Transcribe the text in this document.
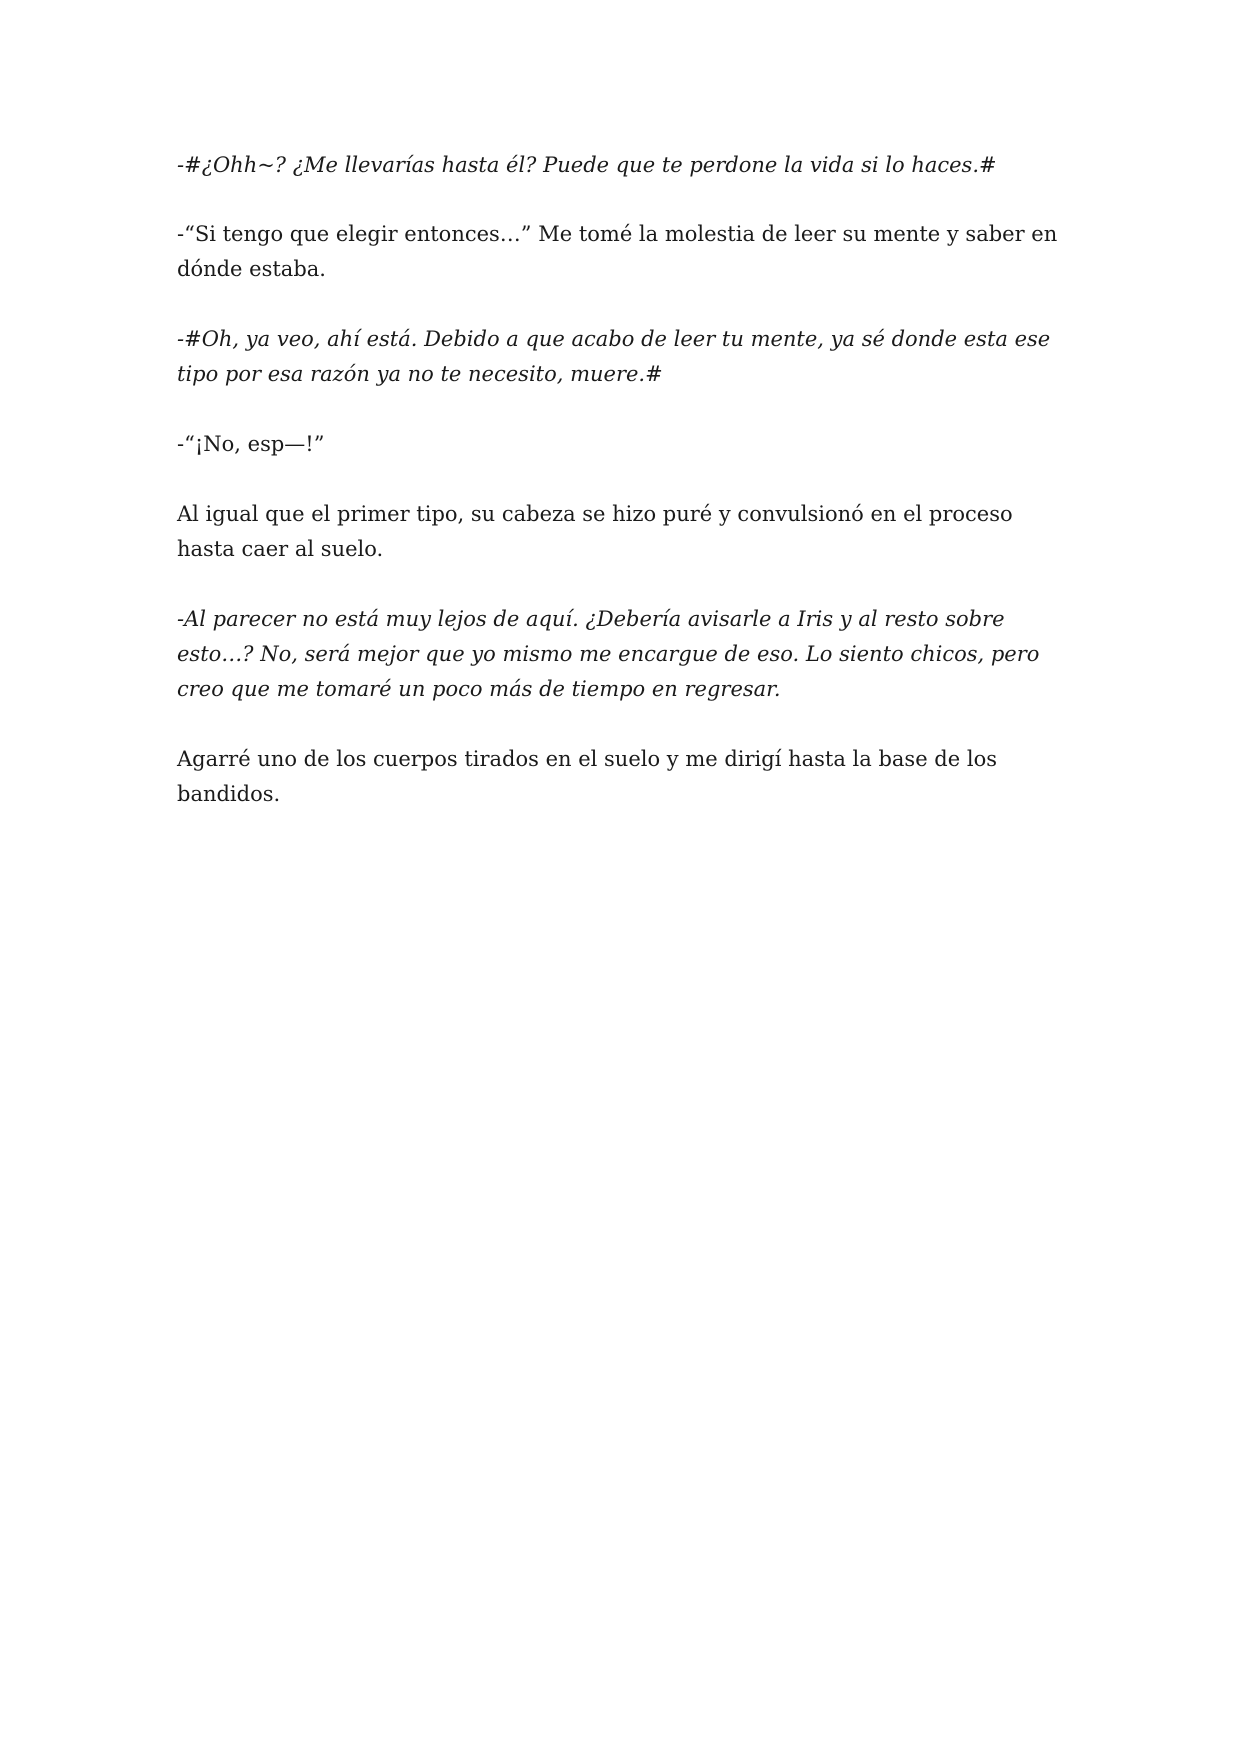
-#¿Ohh~? ¿Me llevarías hasta él? Puede que te perdone la vida si lo haces.#

-“Si tengo que elegir entonces…” Me tomé la molestia de leer su mente y saber en dónde estaba.

-#Oh, ya veo, ahí está. Debido a que acabo de leer tu mente, ya sé donde esta ese tipo por esa razón ya no te necesito, muere.#

-“¡No, esp—!”

Al igual que el primer tipo, su cabeza se hizo puré y convulsionó en el proceso hasta caer al suelo.

-Al parecer no está muy lejos de aquí. ¿Debería avisarle a Iris y al resto sobre esto…? No, será mejor que yo mismo me encargue de eso. Lo siento chicos, pero creo que me tomaré un poco más de tiempo en regresar.

Agarré uno de los cuerpos tirados en el suelo y me dirigí hasta la base de los bandidos.
